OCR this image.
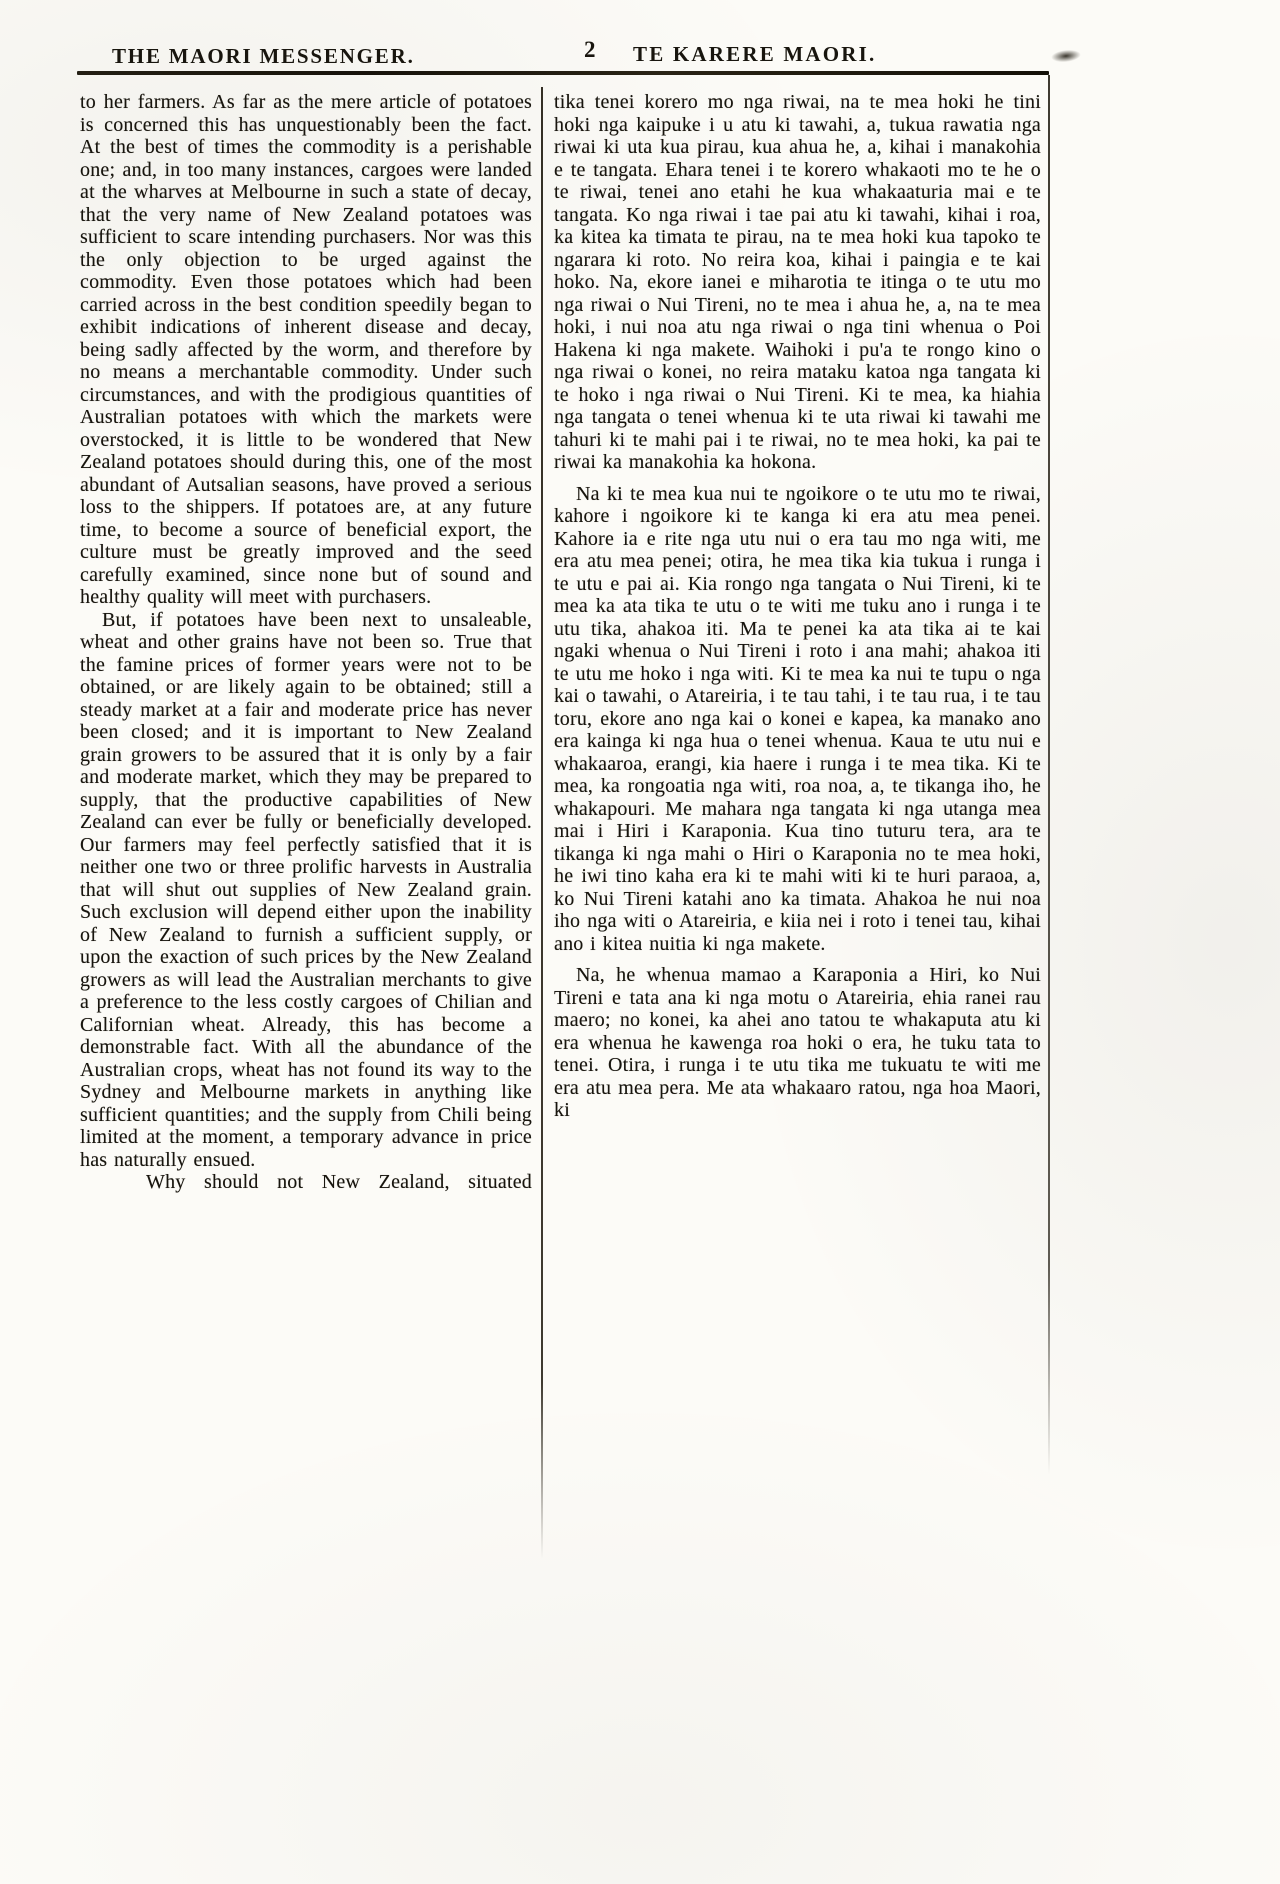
THE MAORI MESSENGER.	2 TE KARERE MAORI.

to her farmers. As far as the mere article of potatoes is concerned this has unquestionably been the fact. At the best of times the commodity is a perishable one; and, in too many instances, cargoes were landed at the wharves at Melbourne in such a state of decay, that the very name of New Zealand potatoes was sufficient to scare intending purchasers. Nor was this the only objection to be urged against the commodity. Even those potatoes which had been carried across in the best condition speedily began to exhibit indications of inherent disease and decay, being sadly affected by the worm, and therefore by no means a merchantable commodity. Under such circumstances, and with the prodigious quantities of Australian potatoes with which the markets were overstocked, it is little to be wondered that New Zealand potatoes should during this, one of the most abundant of Autsalian seasons, have proved a serious loss to the shippers. If potatoes are, at any future time, to become a source of beneficial export, the culture must be greatly improved and the seed carefully examined, since none but of sound and healthy quality will meet with purchasers.

But, if potatoes have been next to unsaleable, wheat and other grains have not been so. True that the famine prices of former years were not to be obtained, or are likely again to be obtained; still a steady market at a fair and moderate price has never been closed; and it is important to New Zealand grain growers to be assured that it is only by a fair and moderate market, which they may be prepared to supply, that the productive capabilities of New Zealand can ever be fully or beneficially developed. Our farmers may feel perfectly satisfied that it is neither one two or three prolific harvests in Australia that will shut out supplies of New Zealand grain. Such exclusion will depend either upon the inability of New Zealand to furnish a sufficient supply, or upon the exaction of such prices by the New Zealand growers as will lead the Australian merchants to give a preference to the less costly cargoes of Chilian and Californian wheat. Already, this has become a demonstrable fact. With all the abundance of the Australian crops, wheat has not found its way to the Sydney and Melbourne markets in anything like sufficient quantities; and the supply from Chili being limited at the moment, a temporary advance in price has naturally ensued.

Why should not New Zealand, situated

tika tenei korero mo nga riwai, na te mea hoki he tini hoki nga kaipuke i u atu ki tawahi, a, tukua rawatia nga riwai ki uta kua pirau, kua ahua he, a, kihai i manakohia e te tangata. Ehara tenei i te korero whakaoti mo te he o te riwai, tenei ano etahi he kua whakaaturia mai e te tangata. Ko nga riwai i tae pai atu ki tawahi, kihai i roa, ka kitea ka timata te pirau, na te mea hoki kua tapoko te ngarara ki roto. No reira koa, kihai i paingia e te kai hoko. Na, ekore ianei e miharotia te itinga o te utu mo nga riwai o Nui Tireni, no te mea i ahua he, a, na te mea hoki, i nui noa atu nga riwai o nga tini whenua o Poi Hakena ki nga makete. Waihoki i pu'a te rongo kino o nga riwai o konei, no reira mataku katoa nga tangata ki te hoko i nga riwai o Nui Tireni. Ki te mea, ka hiahia nga tangata o tenei whenua ki te uta riwai ki tawahi me tahuri ki te mahi pai i te riwai, no te mea hoki, ka pai te riwai ka manakohia ka hokona.

Na ki te mea kua nui te ngoikore o te utu mo te riwai, kahore i ngoikore ki te kanga ki era atu mea penei. Kahore ia e rite nga utu nui o era tau mo nga witi, me era atu mea penei; otira, he mea tika kia tukua i runga i te utu e pai ai. Kia rongo nga tangata o Nui Tireni, ki te mea ka ata tika te utu o te witi me tuku ano i runga i te utu tika, ahakoa iti. Ma te penei ka ata tika ai te kai ngaki whenua o Nui Tireni i roto i ana mahi; ahakoa iti te utu me hoko i nga witi. Ki te mea ka nui te tupu o nga kai o tawahi, o Atareiria, i te tau tahi, i te tau rua, i te tau toru, ekore ano nga kai o konei e kapea, ka manako ano era kainga ki nga hua o tenei whenua. Kaua te utu nui e whakaaroa, erangi, kia haere i runga i te mea tika. Ki te mea, ka rongoatia nga witi, roa noa, a, te tikanga iho, he whakapouri. Me mahara nga tangata ki nga utanga mea mai i Hiri i Karaponia. Kua tino tuturu tera, ara te tikanga ki nga mahi o Hiri o Karaponia no te mea hoki, he iwi tino kaha era ki te mahi witi ki te huri paraoa, a, ko Nui Tireni katahi ano ka timata. Ahakoa he nui noa iho nga witi o Atareiria, e kiia nei i roto i tenei tau, kihai ano i kitea nuitia ki nga makete.

Na, he whenua mamao a Karaponia a Hiri, ko Nui Tireni e tata ana ki nga motu o Atareiria, ehia ranei rau maero; no konei, ka ahei ano tatou te whakaputa atu ki era whenua he kawenga roa hoki o era, he tuku tata to tenei. Otira, i runga i te utu tika me tukuatu te witi me era atu mea pera. Me ata whakaaro ratou, nga hoa Maori, ki
